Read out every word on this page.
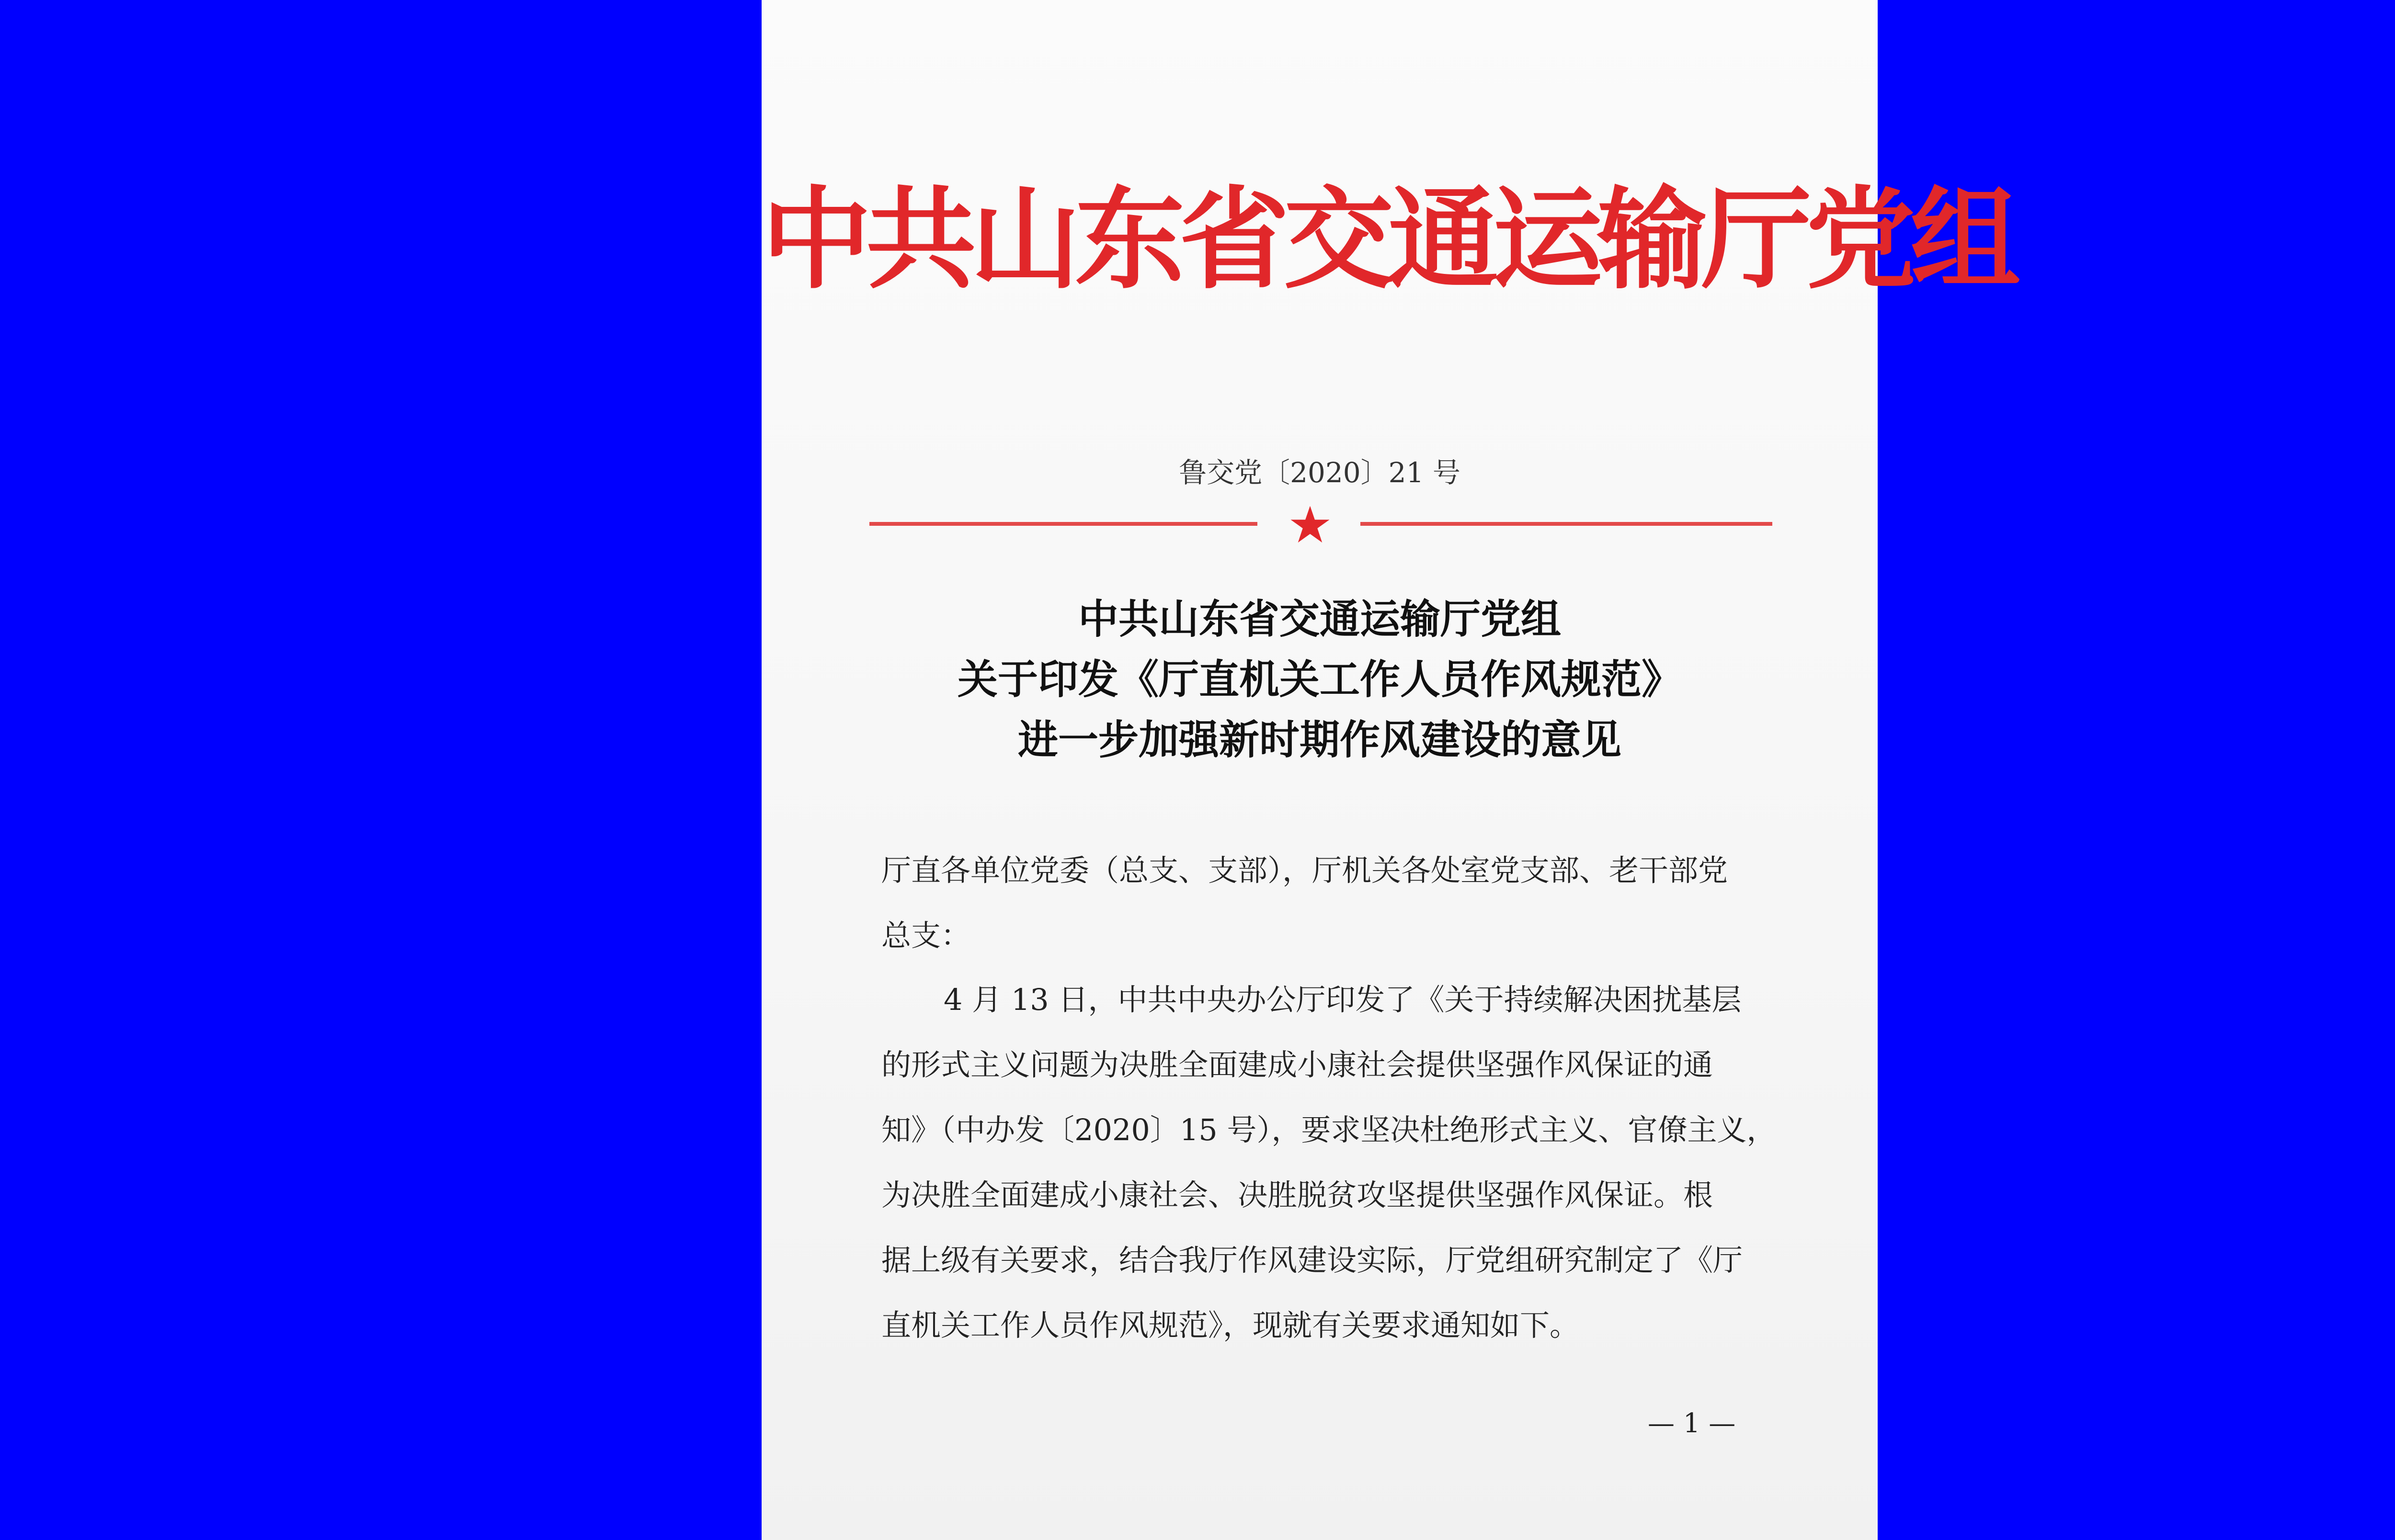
中共山东省交通运输厅党组
鲁交党〔2020〕21 号
中共山东省交通运输厅党组
关于印发《厅直机关工作人员作风规范》
进一步加强新时期作风建设的意见
厅直各单位党委（总支、支部），厅机关各处室党支部、老干部党
总支：
4 月 13 日，中共中央办公厅印发了《关于持续解决困扰基层
的形式主义问题为决胜全面建成小康社会提供坚强作风保证的通
知》（中办发〔2020〕15 号），要求坚决杜绝形式主义、官僚主义，
为决胜全面建成小康社会、决胜脱贫攻坚提供坚强作风保证。根
据上级有关要求，结合我厅作风建设实际，厅党组研究制定了《厅
直机关工作人员作风规范》，现就有关要求通知如下。
— 1 —
